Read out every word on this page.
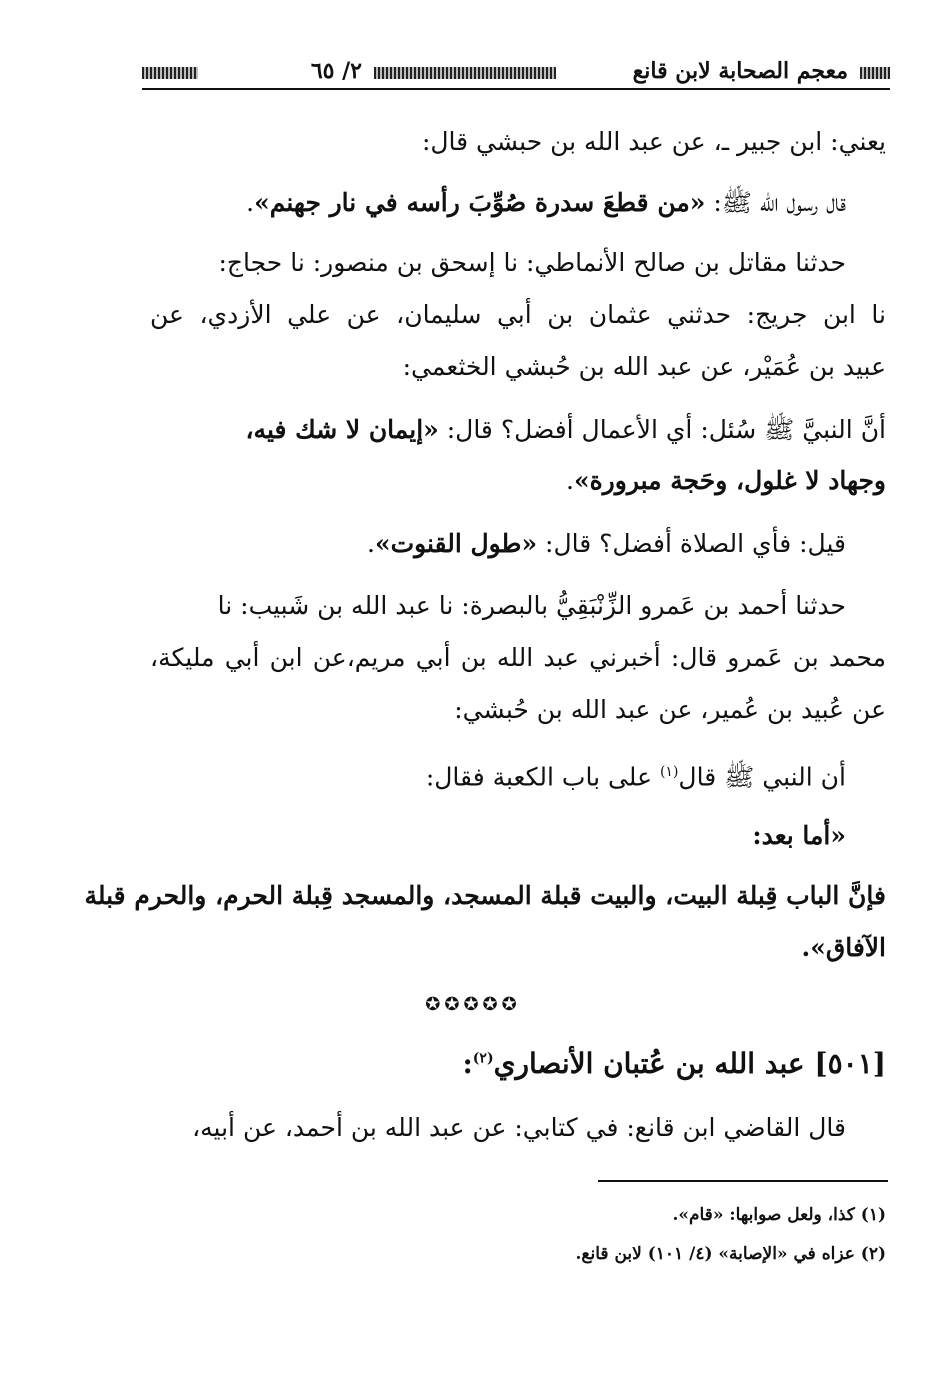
معجم الصحابة لابن قانع
٢/ ٦٥
يعني: ابن جبير ـ، عن عبد الله بن حبشي قال:
قال رسول الله ﷺ: «من قطعَ سدرة صُوِّبَ رأسه في نار جهنم».
حدثنا مقاتل بن صالح الأنماطي: نا إسحق بن منصور: نا حجاج:
نا ابن جريج: حدثني عثمان بن أبي سليمان، عن علي الأزدي، عن
عبيد بن عُمَيْر، عن عبد الله بن حُبشي الخثعمي:
أنَّ النبيَّ ﷺ سُئل: أي الأعمال أفضل؟ قال: «إيمان لا شك فيه،
وجهاد لا غلول، وحَجة مبرورة».
قيل: فأي الصلاة أفضل؟ قال: «طول القنوت».
حدثنا أحمد بن عَمرو الزِّنْبَقِيُّ بالبصرة: نا عبد الله بن شَبيب: نا
محمد بن عَمرو قال: أخبرني عبد الله بن أبي مريم،عن ابن أبي مليكة،
عن عُبيد بن عُمير، عن عبد الله بن حُبشي:
أن النبي ﷺ قال$^{(١)}$ على باب الكعبة فقال:
«أما بعد:
فإنَّ الباب قِبلة البيت، والبيت قبلة المسجد، والمسجد قِبلة الحرم، والحرم قبلة
الآفاق».
✪✪✪✪✪
[٥٠١] عبد الله بن عُتبان الأنصاري$^{(٢)}$:
قال القاضي ابن قانع: في كتابي: عن عبد الله بن أحمد، عن أبيه،
(١) كذا، ولعل صوابها: «قام».
(٢) عزاه في «الإصابة» (٤/ ١٠١) لابن قانع.
